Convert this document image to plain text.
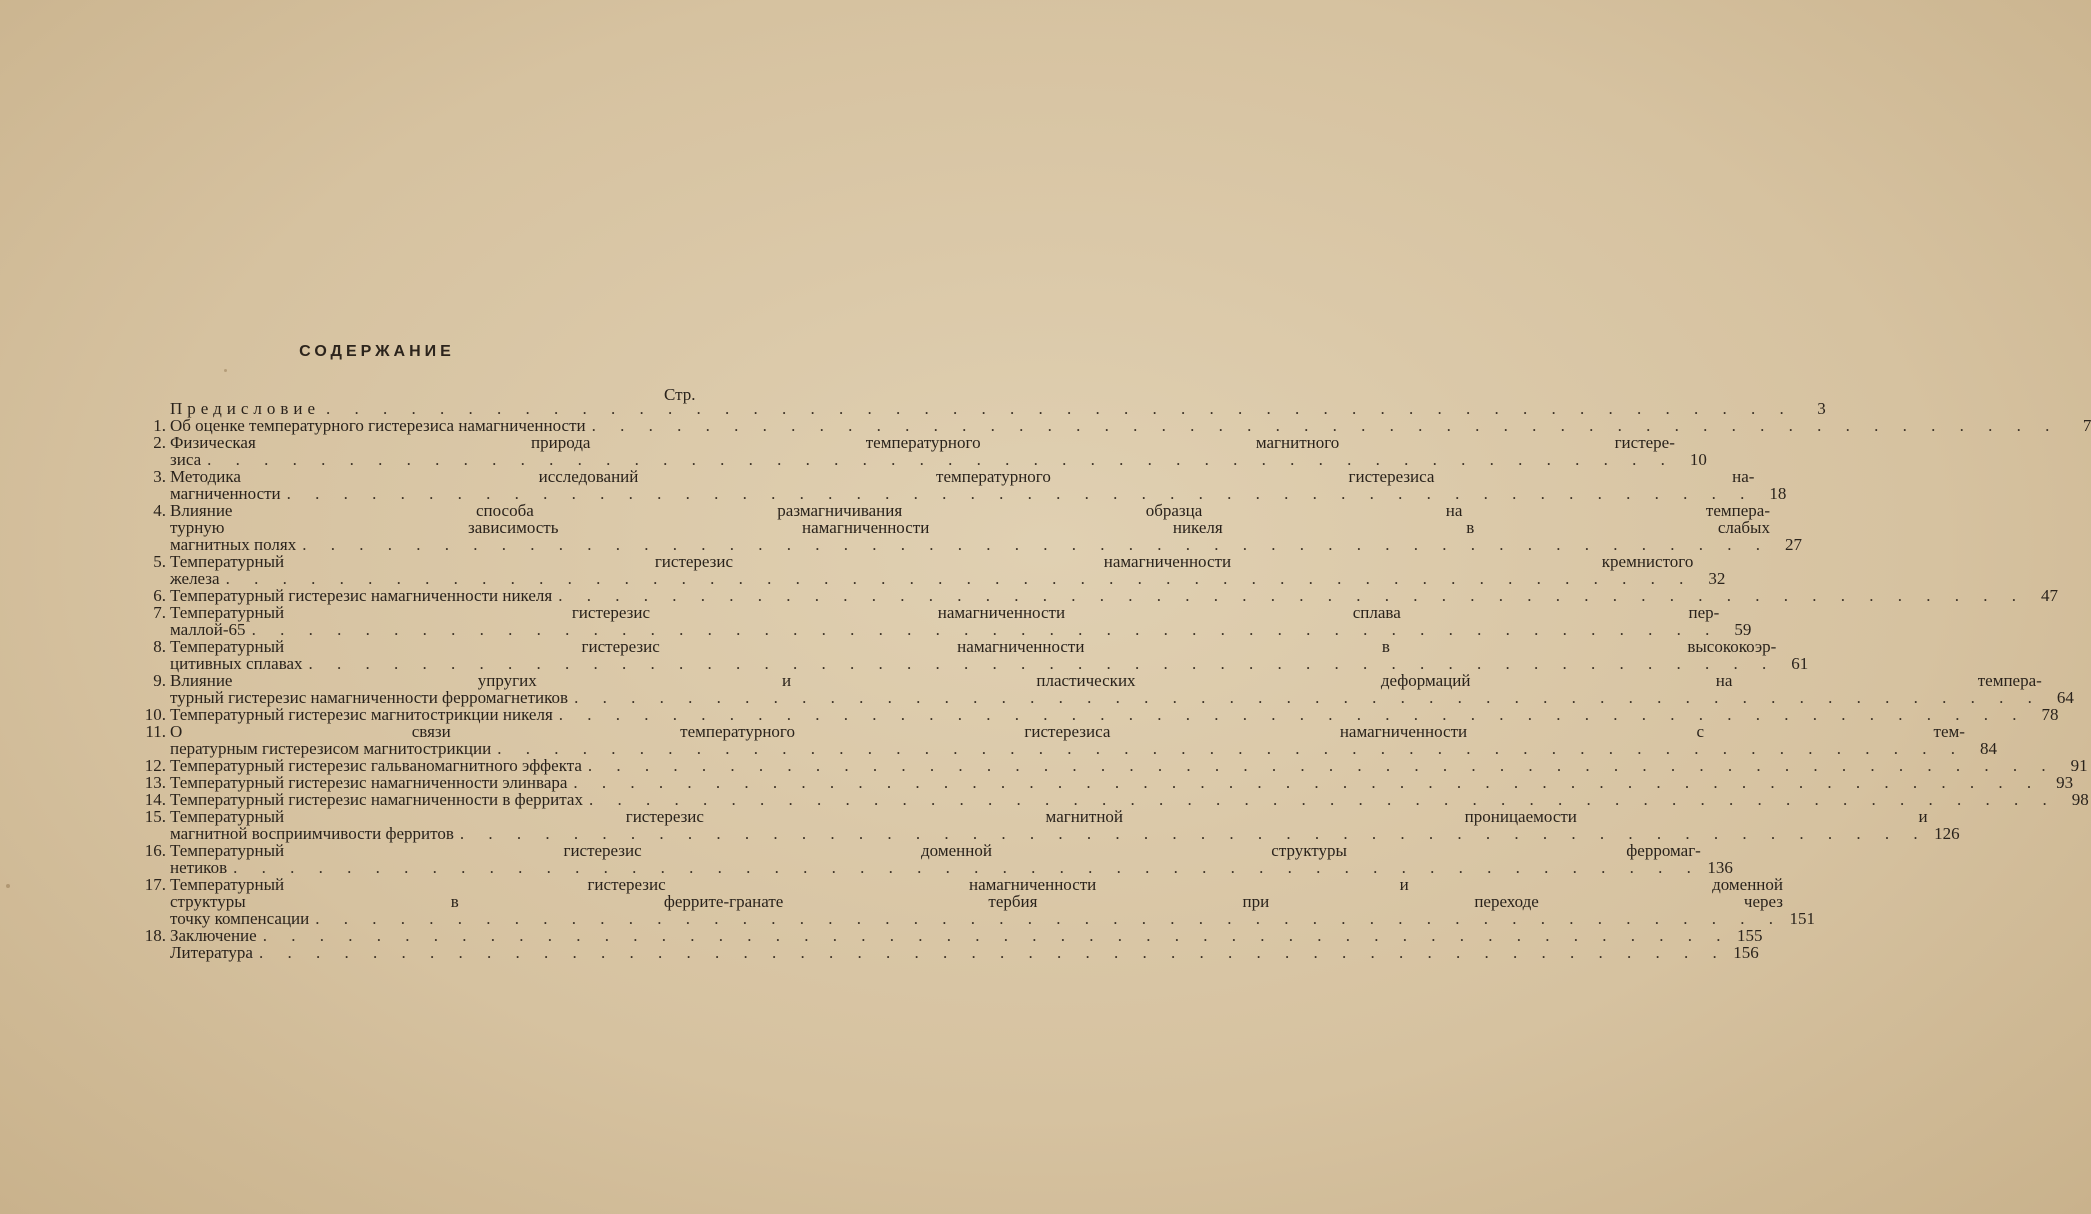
СОДЕРЖАНИЕ
Стр.
Предисловие . . . . . . . . . . . . . . . . . . . . . . . . . . . . . . . . . . . . . . . . . . . . . . . . . . . .	3
1. Об оценке температурного гистерезиса намагниченности . . . . . . . . . . . . . . . . . . . . . . . . . . . . . . . . . . . . . . . . . . . . . . . . . . . .	7
2. Физическая природа температурного магнитного гистере-
зиса . . . . . . . . . . . . . . . . . . . . . . . . . . . . . . . . . . . . . . . . . . . . . . . . . . . . 10
3. Методика исследований температурного гистерезиса на-
магниченности . . . . . . . . . . . . . . . . . . . . . . . . . . . . . . . . . . . . . . . . . . . . . . . . . . . . 18
4. Влияние способа размагничивания образца на темпера-
турную зависимость намагниченности никеля в слабых
магнитных полях . . . . . . . . . . . . . . . . . . . . . . . . . . . . . . . . . . . . . . . . . . . . . . . . . . . . 27
5. Температурный гистерезис намагниченности кремнистого
железа . . . . . . . . . . . . . . . . . . . . . . . . . . . . . . . . . . . . . . . . . . . . . . . . . . . . 32
6. Температурный гистерезис намагниченности никеля . . . . . . . . . . . . . . . . . . . . . . . . . . . . . . . . . . . . . . . . . . . . . . . . . . . . 47
7. Температурный гистерезис намагниченности сплава пер-
маллой-65 . . . . . . . . . . . . . . . . . . . . . . . . . . . . . . . . . . . . . . . . . . . . . . . . . . . . 59
8. Температурный гистерезис намагниченности в высококоэр-
цитивных сплавах . . . . . . . . . . . . . . . . . . . . . . . . . . . . . . . . . . . . . . . . . . . . . . . . . . . . 61
9. Влияние упругих и пластических деформаций на темпера-
турный гистерезис намагниченности ферромагнетиков . . . . . . . . . . . . . . . . . . . . . . . . . . . . . . . . . . . . . . . . . . . . . . . . . . . . 64
10. Температурный гистерезис магнитострикции никеля . . . . . . . . . . . . . . . . . . . . . . . . . . . . . . . . . . . . . . . . . . . . . . . . . . . . 78
11. О связи температурного гистерезиса намагниченности с тем-
пературным гистерезисом магнитострикции . . . . . . . . . . . . . . . . . . . . . . . . . . . . . . . . . . . . . . . . . . . . . . . . . . . . 84
12. Температурный гистерезис гальваномагнитного эффекта . . . . . . . . . . . . . . . . . . . . . . . . . . . . . . . . . . . . . . . . . . . . . . . . . . . . 91
13. Температурный гистерезис намагниченности элинвара . . . . . . . . . . . . . . . . . . . . . . . . . . . . . . . . . . . . . . . . . . . . . . . . . . . . 93
14. Температурный гистерезис намагниченности в ферритах . . . . . . . . . . . . . . . . . . . . . . . . . . . . . . . . . . . . . . . . . . . . . . . . . . . . 98
15. Температурный гистерезис магнитной проницаемости и
магнитной восприимчивости ферритов . . . . . . . . . . . . . . . . . . . . . . . . . . . . . . . . . . . . . . . . . . . . . . . . . . . . 126
16. Температурный гистерезис доменной структуры ферромаг-
нетиков . . . . . . . . . . . . . . . . . . . . . . . . . . . . . . . . . . . . . . . . . . . . . . . . . . . . 136
17. Температурный гистерезис намагниченности и доменной
структуры в феррите-гранате тербия при переходе через
точку компенсации . . . . . . . . . . . . . . . . . . . . . . . . . . . . . . . . . . . . . . . . . . . . . . . . . . . . 151
18. Заключение . . . . . . . . . . . . . . . . . . . . . . . . . . . . . . . . . . . . . . . . . . . . . . . . . . . . 155
Литература . . . . . . . . . . . . . . . . . . . . . . . . . . . . . . . . . . . . . . . . . . . . . . . . . . . . 156
